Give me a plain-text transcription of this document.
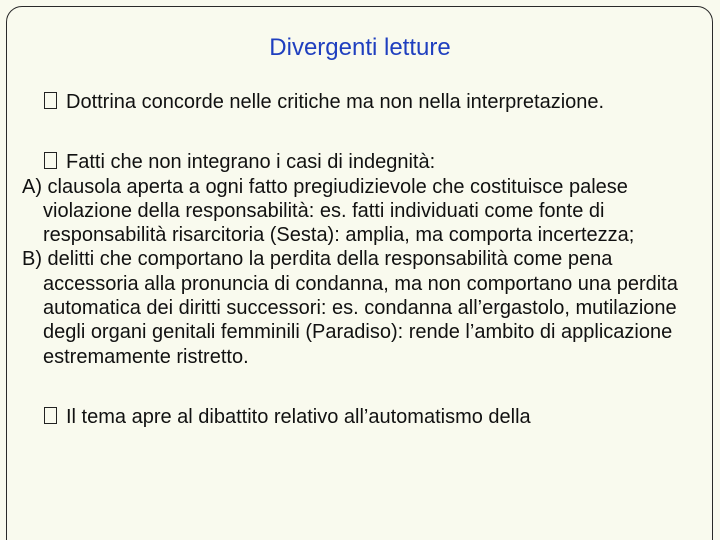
Divergenti letture
Dottrina concorde nelle critiche ma non nella interpretazione.
Fatti che non integrano i casi di indegnità:
A) clausola aperta a ogni fatto pregiudizievole che costituisce palese violazione della responsabilità: es. fatti individuati come fonte di responsabilità risarcitoria (Sesta): amplia, ma comporta incertezza;
B) delitti che comportano la perdita della responsabilità come pena accessoria alla pronuncia di condanna, ma non comportano una perdita automatica dei diritti successori: es. condanna all’ergastolo, mutilazione degli organi genitali femminili (Paradiso): rende l’ambito di applicazione estremamente ristretto.
Il tema apre al dibattito relativo all’automatismo della
